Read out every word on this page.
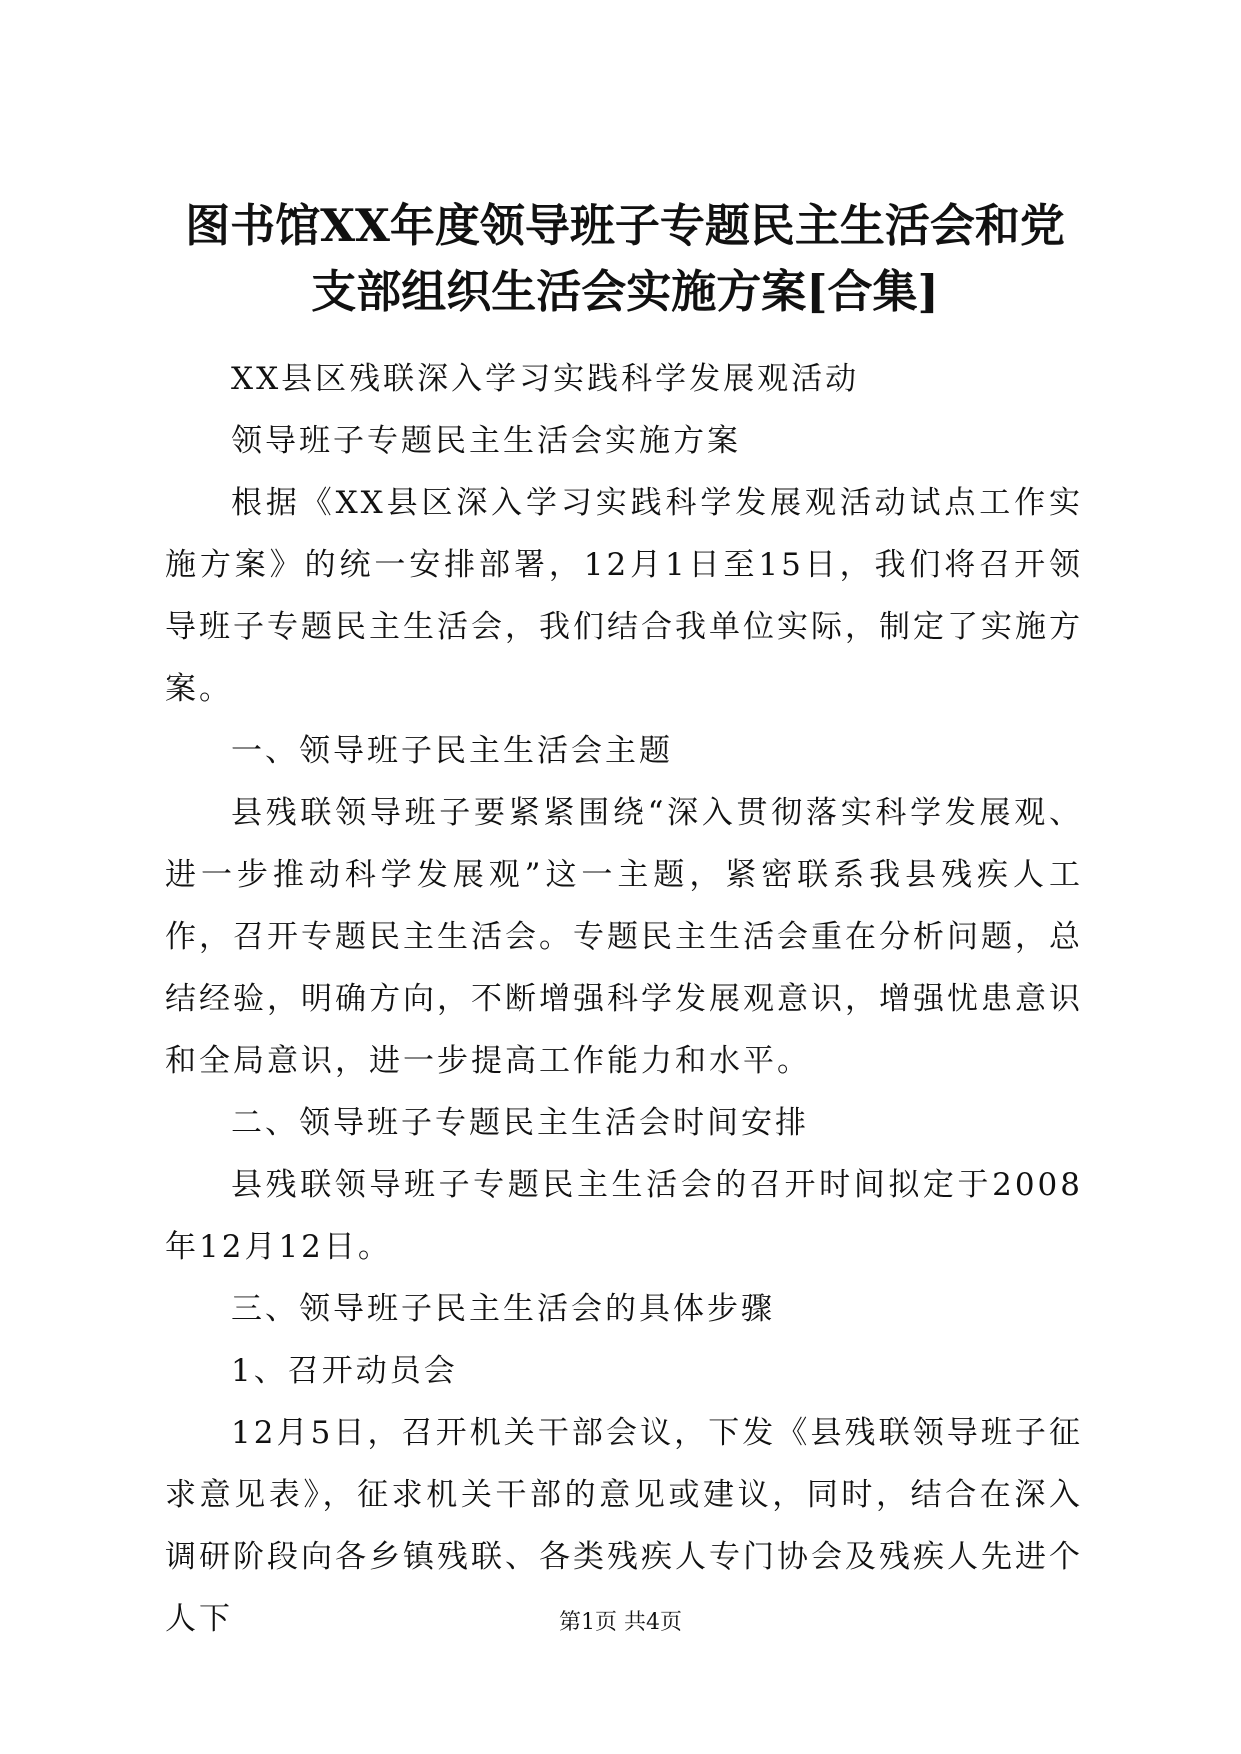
图书馆XX年度领导班子专题民主生活会和党
支部组织生活会实施方案[合集]

XX县区残联深入学习实践科学发展观活动

领导班子专题民主生活会实施方案

根据《XX县区深入学习实践科学发展观活动试点工作实施方案》的统一安排部署，12月1日至15日，我们将召开领导班子专题民主生活会，我们结合我单位实际，制定了实施方案。

一、领导班子民主生活会主题

县残联领导班子要紧紧围绕“深入贯彻落实科学发展观、进一步推动科学发展观”这一主题，紧密联系我县残疾人工作，召开专题民主生活会。专题民主生活会重在分析问题，总结经验，明确方向，不断增强科学发展观意识，增强忧患意识和全局意识，进一步提高工作能力和水平。

二、领导班子专题民主生活会时间安排

县残联领导班子专题民主生活会的召开时间拟定于2008年12月12日。

三、领导班子民主生活会的具体步骤

1、召开动员会

12月5日，召开机关干部会议，下发《县残联领导班子征求意见表》，征求机关干部的意见或建议，同时，结合在深入调研阶段向各乡镇残联、各类残疾人专门协会及残疾人先进个人下	第1页 共4页
